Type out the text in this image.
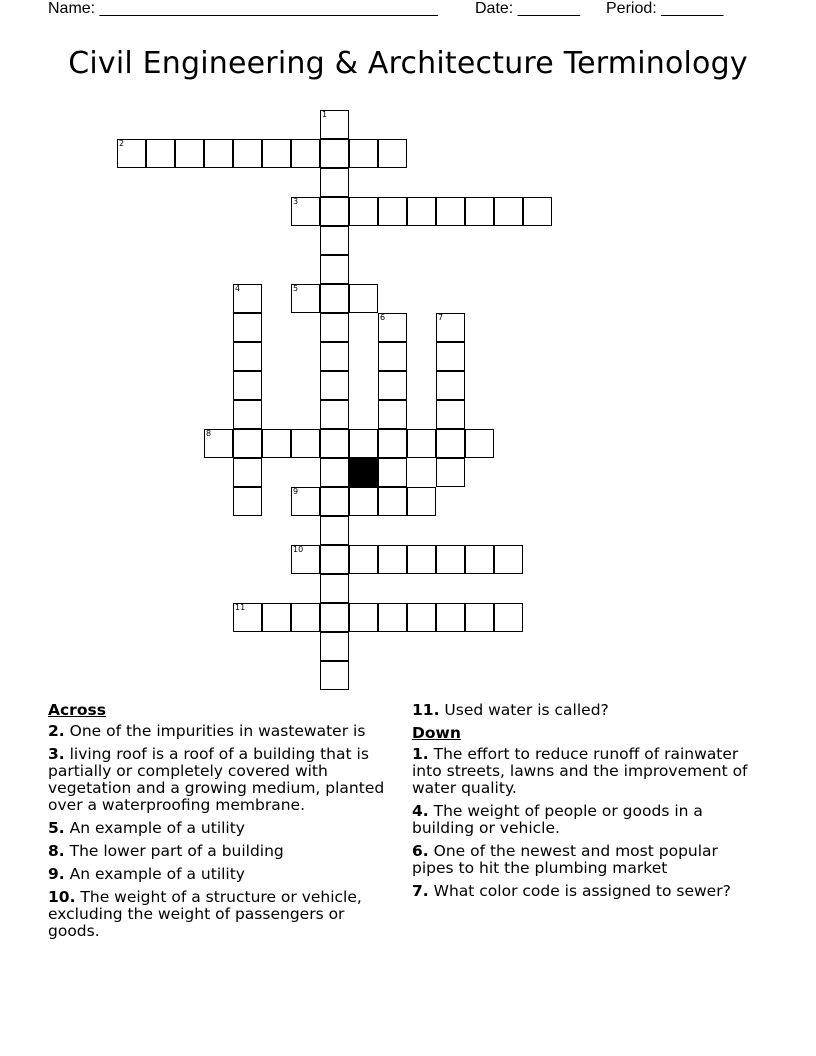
Name: ______________________________________ Date: _______ Period: _______
Civil Engineering & Architecture Terminology
1
2
3
4	5
6	7
8
9
10
11
Across
2. One of the impurities in wastewater is
3. living roof is a roof of a building that is partially or completely covered with vegetation and a growing medium, planted over a waterproofing membrane.
5. An example of a utility
8. The lower part of a building
9. An example of a utility
10. The weight of a structure or vehicle, excluding the weight of passengers or goods.
11. Used water is called?
Down
1. The effort to reduce runoff of rainwater into streets, lawns and the improvement of water quality.
4. The weight of people or goods in a building or vehicle.
6. One of the newest and most popular pipes to hit the plumbing market
7. What color code is assigned to sewer?
